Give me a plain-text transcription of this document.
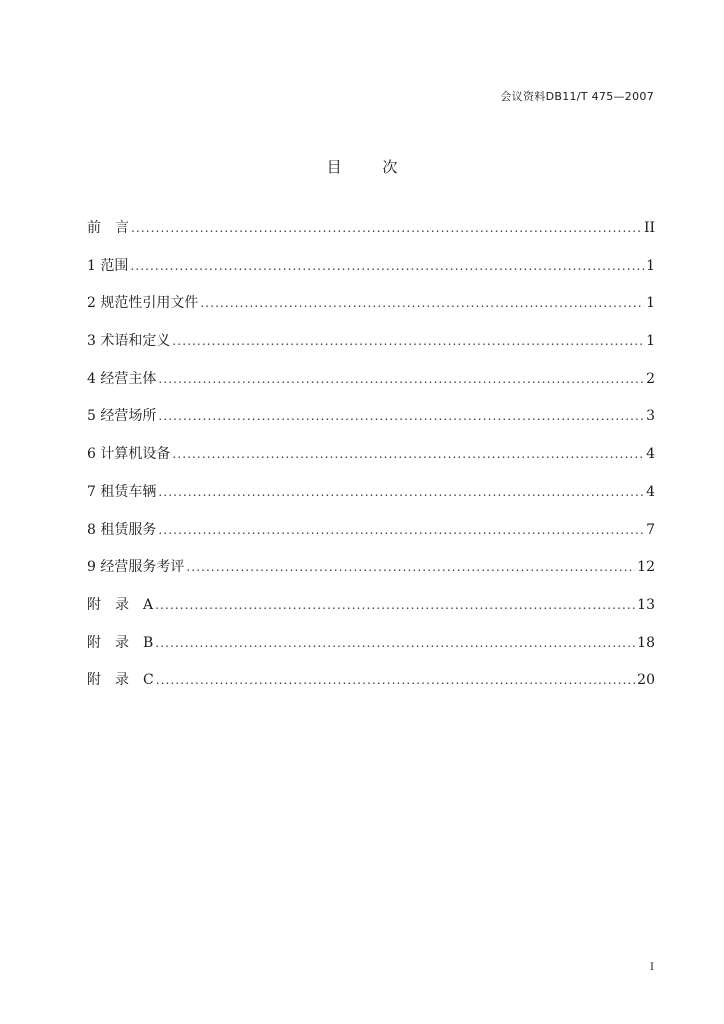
会议资料DB11/T 475—2007
目 次
前　言 .....	II
1 范围 .....	1
2 规范性引用文件 .....	1
3 术语和定义 .....	1
4 经营主体 .....	2
5 经营场所 .....	3
6 计算机设备 .....	4
7 租赁车辆 .....	4
8 租赁服务 .....	7
9 经营服务考评 .....	12
附　录　A .....	13
附　录　B .....	18
附　录　C .....	20
I
